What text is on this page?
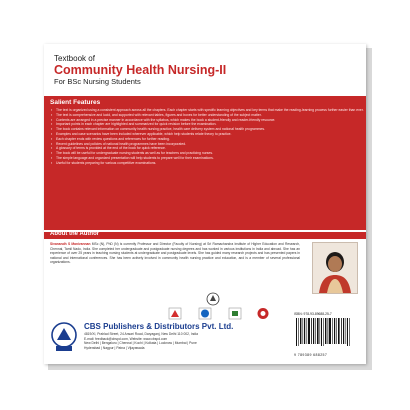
Textbook of
Community Health Nursing-II
For BSc Nursing Students
Salient Features
▪ The text is organized using a consistent approach across all the chapters. Each chapter starts with specific learning objectives and key terms that make the reading-learning process further easier than ever.
▪ The text is comprehensive and lucid, and supported with relevant tables, figures and boxes for better understanding of the subject matter.
▪ Contents are arranged in a precise manner in accordance with the syllabus, which makes the book a student-friendly and reader-friendly resource.
▪ Important points in each chapter are highlighted and summarized for quick revision before the examination.
▪ The book contains relevant information on community health nursing practice, health care delivery system and national health programmes.
▪ Examples and case scenarios have been included wherever applicable, which help students relate theory to practice.
▪ Each chapter ends with review questions and references for further reading.
▪ Recent guidelines and policies of national health programmes have been incorporated.
▪ A glossary of terms is provided at the end of the book for quick reference.
▪ The book will be useful for undergraduate nursing students as well as for teachers and practicing nurses.
▪ The simple language and organized presentation will help students to prepare well for their examinations.
▪ Useful for students preparing for various competitive examinations.
About the Author
Sivanandh S Manivannan MSc (N), PhD (N) is currently Professor and Director (Faculty of Nursing) at Sri Ramachandra Institute of Higher Education and Research, Chennai, Tamil Nadu, India. She completed her undergraduate and postgraduate nursing degrees and has worked in various institutions in India and abroad. She has an experience of over 25 years in teaching nursing students at undergraduate and postgraduate levels. She has guided many research projects and has presented papers in national and international conferences. She has been actively involved in community health nursing practice and education, and is a member of several professional organizations.
ISBN: 978-93-89688-25-7
9 789389 688257
CBS Publishers & Distributors Pvt. Ltd.
4819/XI, Prahlad Street, 24 Ansari Road, Daryaganj, New Delhi 110 002, India
E-mail: feedback@cbspd.com, Website: www.cbspd.com
New Delhi | Bengaluru | Chennai | Kochi | Kolkata | Lucknow | Mumbai | Pune
Hyderabad | Nagpur | Patna | Vijayawada
